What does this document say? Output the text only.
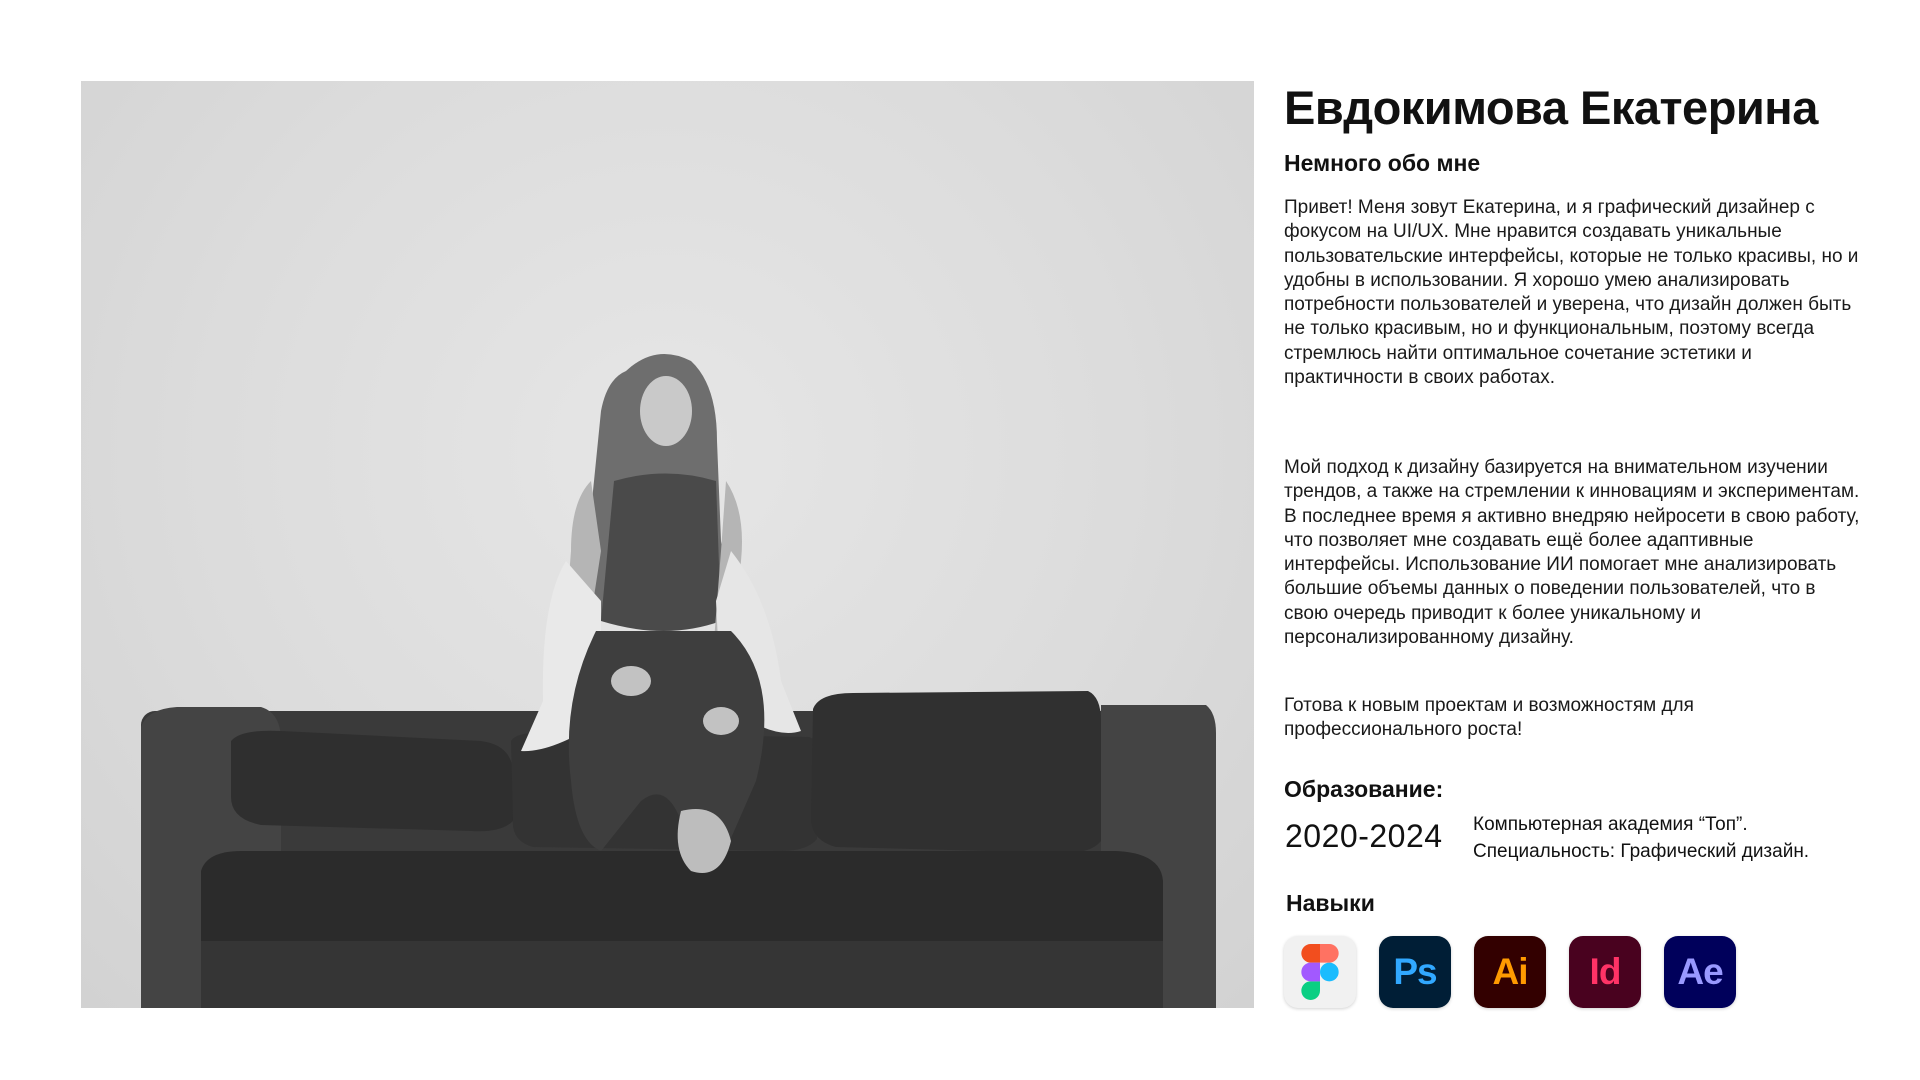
Евдокимова Екатерина
Немного обо мне

Привет! Меня зовут Екатерина, и я графический дизайнер с фокусом на UI/UX. Мне нравится создавать уникальные пользовательские интерфейсы, которые не только красивы, но и удобны в использовании. Я хорошо умею анализировать потребности пользователей и уверена, что дизайн должен быть не только красивым, но и функциональным, поэтому всегда стремлюсь найти оптимальное сочетание эстетики и практичности в своих работах.

Мой подход к дизайну базируется на внимательном изучении трендов, а также на стремлении к инновациям и экспериментам. В последнее время я активно внедряю нейросети в свою работу, что позволяет мне создавать ещё более адаптивные интерфейсы. Использование ИИ помогает мне анализировать большие объемы данных о поведении пользователей, что в свою очередь приводит к более уникальному и персонализированному дизайну.

Готова к новым проектам и возможностям для профессионального роста!

Образование:
2020-2024 Компьютерная академия “Топ”.
Специальность: Графический дизайн.

Навыки
Ps Ai Id Ae
